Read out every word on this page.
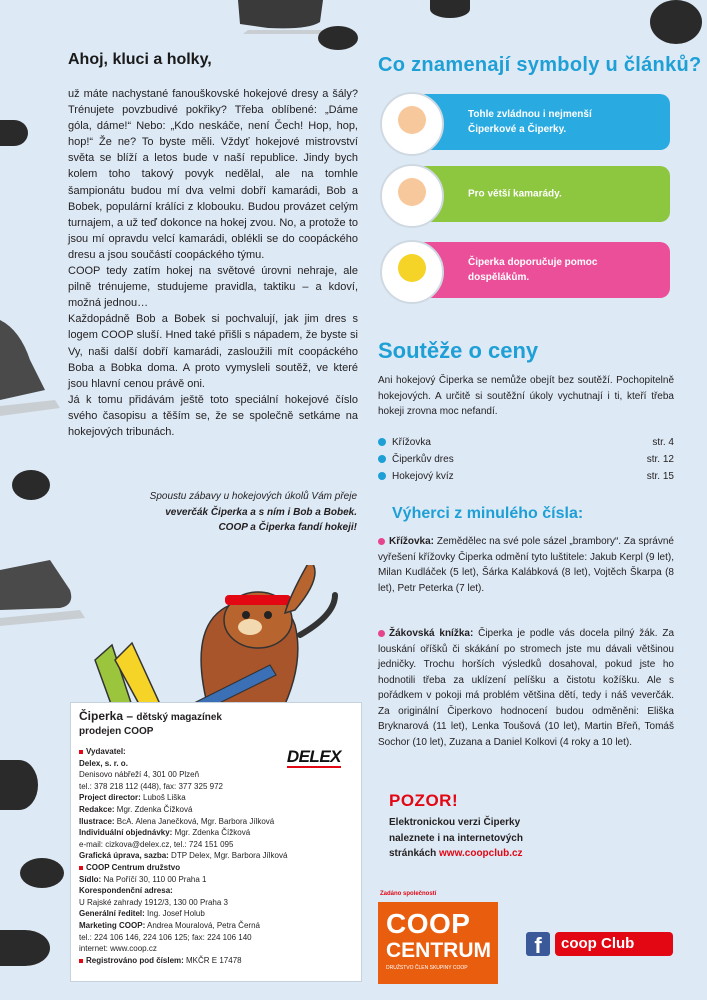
Ahoj, kluci a holky,

už máte nachystané fanouškovské hokejové dresy a šály? Trénujete povzbudivé pokřiky? Třeba oblíbené: „Dáme góla, dáme!“ Nebo: „Kdo neskáče, není Čech! Hop, hop, hop!“ Že ne? To byste měli. Vždyť hokejové mistrovství světa se blíží a letos bude v naší republice. Jindy bych kolem toho takový povyk nedělal, ale na tomhle šampionátu budou mí dva velmi dobří kamarádi, Bob a Bobek, populární králíci z klobouku. Budou provázet celým turnajem, a už teď dokonce na hokej zvou. No, a protože to jsou mí opravdu velcí kamarádi, oblékli se do coopáckého dresu a jsou součástí coopáckého týmu.

COOP tedy zatím hokej na světové úrovni nehraje, ale pilně trénujeme, studujeme pravidla, taktiku – a kdoví, možná jednou…

Každopádně Bob a Bobek si pochvalují, jak jim dres s logem COOP sluší. Hned také přišli s nápadem, že byste si Vy, naši další dobří kamarádi, zasloužili mít coopáckého Boba a Bobka doma. A proto vymysleli soutěž, ve které jsou hlavní cenou právě oni.

Já k tomu přidávám ještě toto speciální hokejové číslo svého časopisu a těším se, že se společně setkáme na hokejových tribunách.

Spoustu zábavy u hokejových úkolů Vám přeje
veverčák Čiperka a s ním i Bob a Bobek.
COOP a Čiperka fandí hokeji!
Čiperka – dětský magazínek
prodejen COOP
DELEX
Vydavatel:
Delex, s. r. o.
Denisovo nábřeží 4, 301 00 Plzeň
tel.: 378 218 112 (448), fax: 377 325 972
Project director: Luboš Liška
Redakce: Mgr. Zdenka Čížková
Ilustrace: BcA. Alena Janečková, Mgr. Barbora Jílková
Individuální objednávky: Mgr. Zdenka Čížková
e-mail: cizkova@delex.cz, tel.: 724 151 095
Grafická úprava, sazba: DTP Delex, Mgr. Barbora Jílková
COOP Centrum družstvo
Sídlo: Na Poříčí 30, 110 00 Praha 1
Korespondenční adresa:
U Rajské zahrady 1912/3, 130 00 Praha 3
Generální ředitel: Ing. Josef Holub
Marketing COOP: Andrea Mouralová, Petra Černá
tel.: 224 106 146, 224 106 125; fax: 224 106 140
internet: www.coop.cz
Registrováno pod číslem: MKČR E 17478
Co znamenají symboly u článků?
Tohle zvládnou i nejmenší
Čiperkové a Čiperky.
Pro větší kamarády.
Čiperka doporučuje pomoc
dospělákům.
Soutěže o ceny
Ani hokejový Čiperka se nemůže obejít bez soutěží. Pochopitelně hokejových. A určitě si soutěžní úkoly vychutnají i ti, kteří třeba hokeji zrovna moc nefandí.
Křížovka	str. 4
Čiperkův dres	str. 12
Hokejový kvíz	str. 15
Výherci z minulého čísla:
Křížovka: Zemědělec na své pole sázel „brambory“. Za správné vyřešení křížovky Čiperka odmění tyto luštitele: Jakub Kerpl (9 let), Milan Kudláček (5 let), Šárka Kalábková (8 let), Vojtěch Škarpa (8 let), Petr Peterka (7 let).
Žákovská knížka: Čiperka je podle vás docela pilný žák. Za louskání oříšků či skákání po stromech jste mu dávali většinou jedničky. Trochu horších výsledků dosahoval, pokud jste ho hodnotili třeba za uklízení pelíšku a čistotu kožíšku. Ale s pořádkem v pokoji má problém většina dětí, tedy i náš veverčák. Za originální Čiperkovo hodnocení budou odměněni: Eliška Bryknarová (11 let), Lenka Toušová (10 let), Martin Břeň, Tomáš Sochor (10 let), Zuzana a Daniel Kolkovi (4 roky a 10 let).
POZOR!
Elektronickou verzi Čiperky
naleznete i na internetových
stránkách www.coopclub.cz
Zadáno společností
COOP
CENTRUM
DRUŽSTVO ČLEN SKUPINY COOP
f	coop Club
